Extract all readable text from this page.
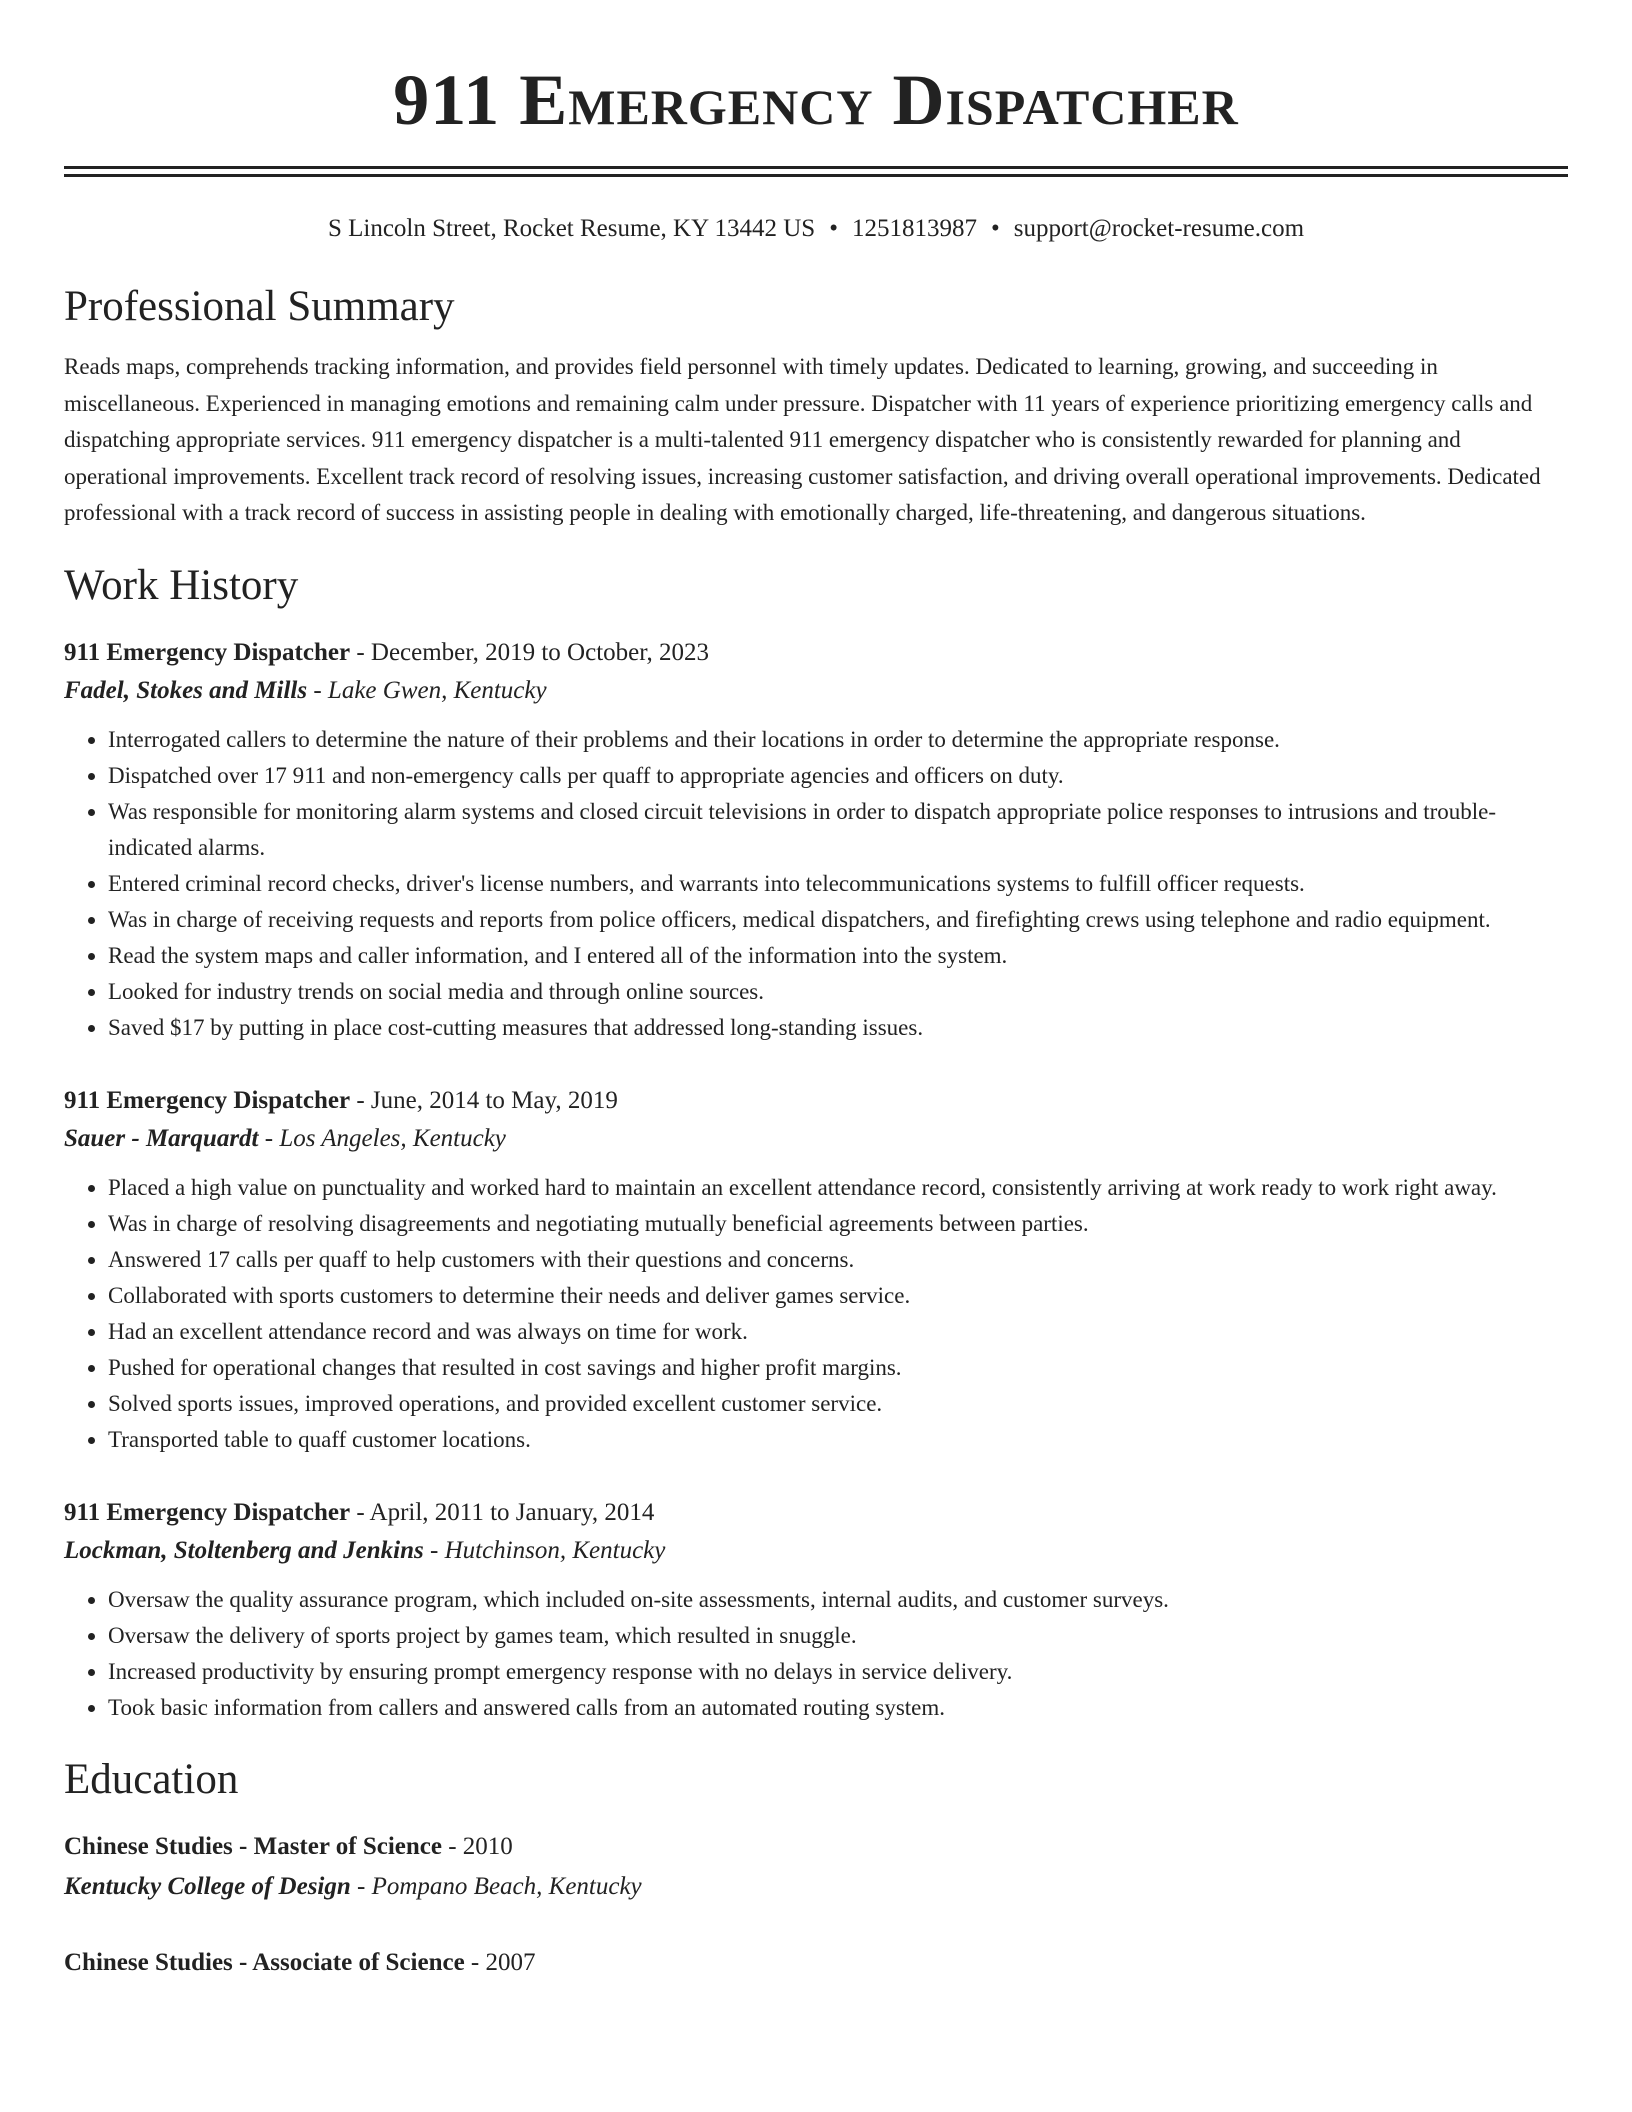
911 Emergency Dispatcher
S Lincoln Street, Rocket Resume, KY 13442 US • 1251813987 • support@rocket-resume.com
Professional Summary

Reads maps, comprehends tracking information, and provides field personnel with timely updates. Dedicated to learning, growing, and succeeding in miscellaneous. Experienced in managing emotions and remaining calm under pressure. Dispatcher with 11 years of experience prioritizing emergency calls and dispatching appropriate services. 911 emergency dispatcher is a multi-talented 911 emergency dispatcher who is consistently rewarded for planning and operational improvements. Excellent track record of resolving issues, increasing customer satisfaction, and driving overall operational improvements. Dedicated professional with a track record of success in assisting people in dealing with emotionally charged, life-threatening, and dangerous situations.

Work History
911 Emergency Dispatcher - December, 2019 to October, 2023
Fadel, Stokes and Mills - Lake Gwen, Kentucky
• Interrogated callers to determine the nature of their problems and their locations in order to determine the appropriate response.
• Dispatched over 17 911 and non-emergency calls per quaff to appropriate agencies and officers on duty.
• Was responsible for monitoring alarm systems and closed circuit televisions in order to dispatch appropriate police responses to intrusions and trouble-indicated alarms.
• Entered criminal record checks, driver's license numbers, and warrants into telecommunications systems to fulfill officer requests.
• Was in charge of receiving requests and reports from police officers, medical dispatchers, and firefighting crews using telephone and radio equipment.
• Read the system maps and caller information, and I entered all of the information into the system.
• Looked for industry trends on social media and through online sources.
• Saved $17 by putting in place cost-cutting measures that addressed long-standing issues.
911 Emergency Dispatcher - June, 2014 to May, 2019
Sauer - Marquardt - Los Angeles, Kentucky
• Placed a high value on punctuality and worked hard to maintain an excellent attendance record, consistently arriving at work ready to work right away.
• Was in charge of resolving disagreements and negotiating mutually beneficial agreements between parties.
• Answered 17 calls per quaff to help customers with their questions and concerns.
• Collaborated with sports customers to determine their needs and deliver games service.
• Had an excellent attendance record and was always on time for work.
• Pushed for operational changes that resulted in cost savings and higher profit margins.
• Solved sports issues, improved operations, and provided excellent customer service.
• Transported table to quaff customer locations.
911 Emergency Dispatcher - April, 2011 to January, 2014
Lockman, Stoltenberg and Jenkins - Hutchinson, Kentucky
• Oversaw the quality assurance program, which included on-site assessments, internal audits, and customer surveys.
• Oversaw the delivery of sports project by games team, which resulted in snuggle.
• Increased productivity by ensuring prompt emergency response with no delays in service delivery.
• Took basic information from callers and answered calls from an automated routing system.
Education
Chinese Studies - Master of Science - 2010
Kentucky College of Design - Pompano Beach, Kentucky
Chinese Studies - Associate of Science - 2007
